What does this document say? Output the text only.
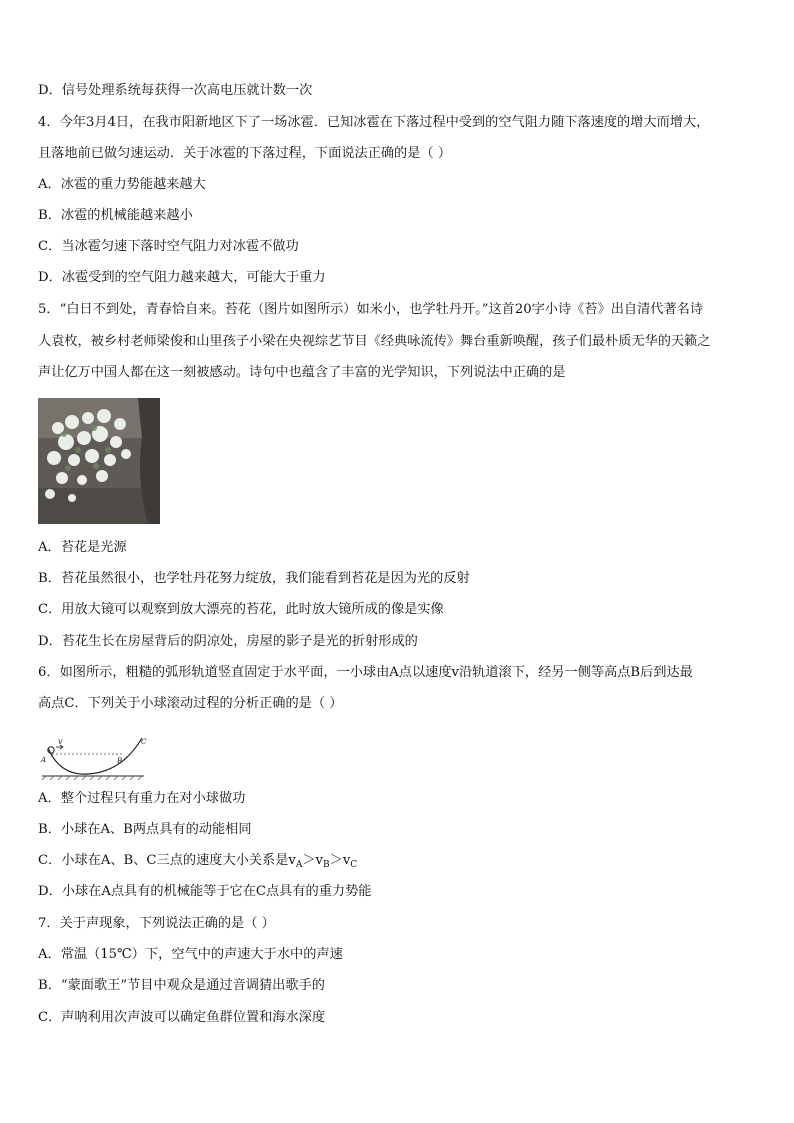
D．信号处理系统每获得一次高电压就计数一次
4．今年3月4日，在我市阳新地区下了一场冰雹．已知冰雹在下落过程中受到的空气阻力随下落速度的增大而增大，
且落地前已做匀速运动．关于冰雹的下落过程，下面说法正确的是（ ）
A．冰雹的重力势能越来越大
B．冰雹的机械能越来越小
C．当冰雹匀速下落时空气阻力对冰雹不做功
D．冰雹受到的空气阻力越来越大，可能大于重力
5．“白日不到处，青春恰自来。苔花（图片如图所示）如米小，也学牡丹开。”这首20字小诗《苔》出自清代著名诗
人袁枚，被乡村老师梁俊和山里孩子小梁在央视综艺节目《经典咏流传》舞台重新唤醒，孩子们最朴质无华的天籁之
声让亿万中国人都在这一刻被感动。诗句中也蕴含了丰富的光学知识，下列说法中正确的是
A．苔花是光源
B．苔花虽然很小，也学牡丹花努力绽放，我们能看到苔花是因为光的反射
C．用放大镜可以观察到放大漂亮的苔花，此时放大镜所成的像是实像
D．苔花生长在房屋背后的阴凉处，房屋的影子是光的折射形成的
6．如图所示，粗糙的弧形轨道竖直固定于水平面，一小球由A点以速度v沿轨道滚下，经另一侧等高点B后到达最
高点C．下列关于小球滚动过程的分析正确的是（ ）
v
A	B
C
A．整个过程只有重力在对小球做功
B．小球在A、B两点具有的动能相同
C．小球在A、B、C三点的速度大小关系是$v_A>v_B>v_C$
D．小球在A点具有的机械能等于它在C点具有的重力势能
7．关于声现象，下列说法正确的是（ ）
A．常温（15℃）下，空气中的声速大于水中的声速
B．“蒙面歌王”节目中观众是通过音调猜出歌手的
C．声呐利用次声波可以确定鱼群位置和海水深度
